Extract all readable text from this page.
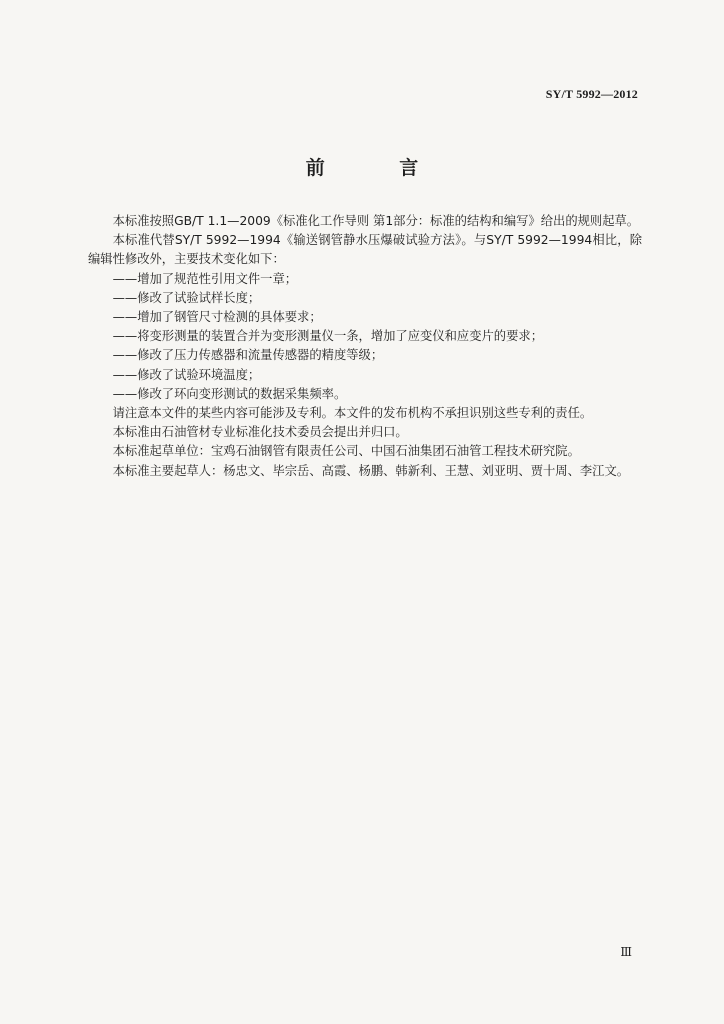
SY/T 5992—2012
前 言

本标准按照GB/T 1.1—2009《标准化工作导则 第1部分：标准的结构和编写》给出的规则起草。

本标准代替SY/T 5992—1994《输送钢管静水压爆破试验方法》。与SY/T 5992—1994相比，除编辑性修改外，主要技术变化如下：

——增加了规范性引用文件一章；

——修改了试验试样长度；

——增加了钢管尺寸检测的具体要求；

——将变形测量的装置合并为变形测量仪一条，增加了应变仪和应变片的要求；

——修改了压力传感器和流量传感器的精度等级；

——修改了试验环境温度；

——修改了环向变形测试的数据采集频率。

请注意本文件的某些内容可能涉及专利。本文件的发布机构不承担识别这些专利的责任。

本标准由石油管材专业标准化技术委员会提出并归口。

本标准起草单位：宝鸡石油钢管有限责任公司、中国石油集团石油管工程技术研究院。

本标准主要起草人：杨忠文、毕宗岳、高霞、杨鹏、韩新利、王慧、刘亚明、贾十周、李江文。

Ⅲ
